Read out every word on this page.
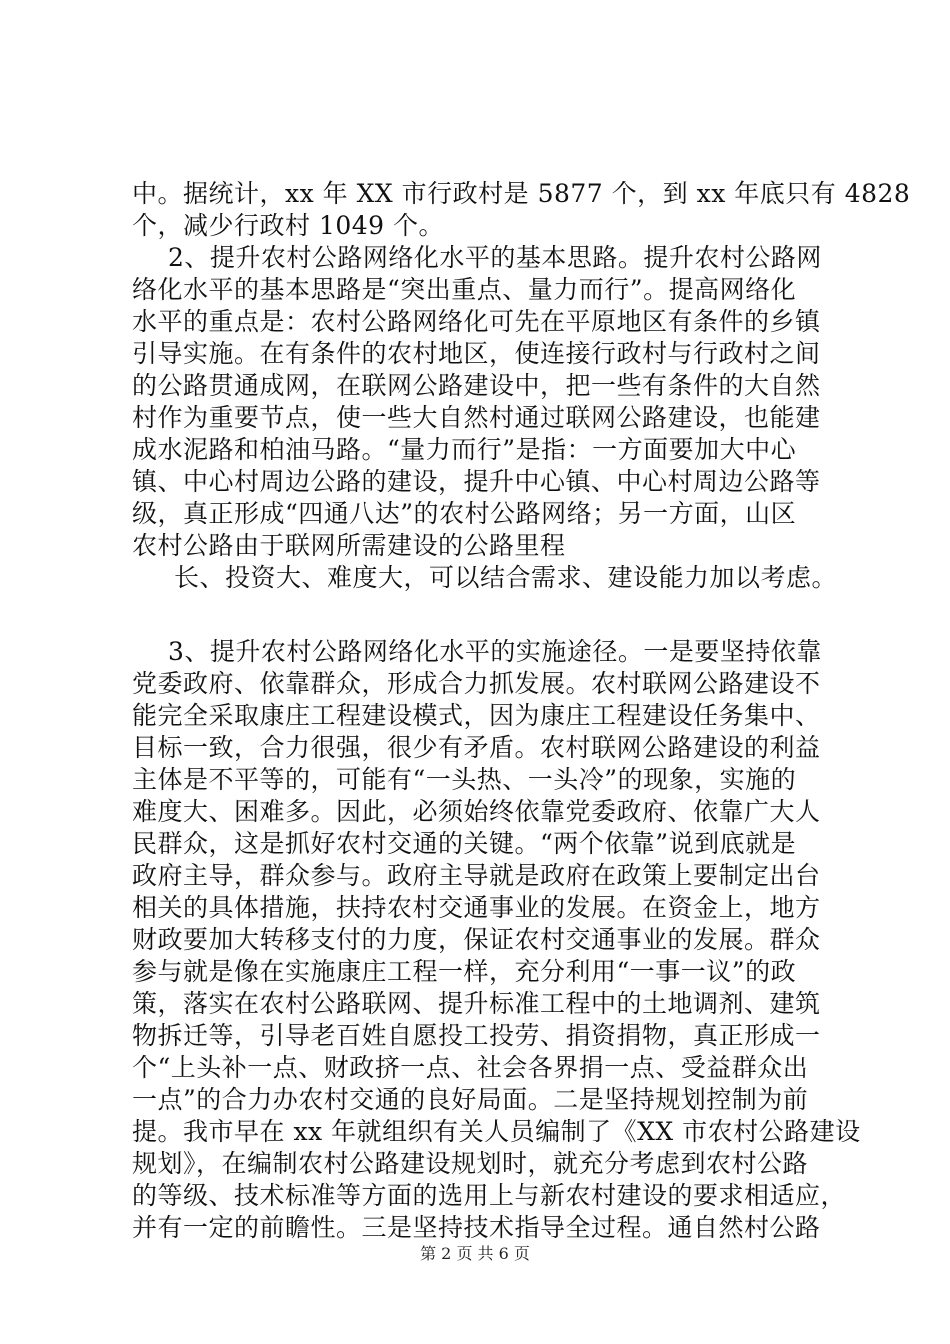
中。据统计，xx 年 XX 市行政村是 5877 个，到 xx 年底只有 4828
个，减少行政村 1049 个。
2、提升农村公路网络化水平的基本思路。提升农村公路网
络化水平的基本思路是“突出重点、量力而行”。提高网络化
水平的重点是：农村公路网络化可先在平原地区有条件的乡镇
引导实施。在有条件的农村地区，使连接行政村与行政村之间
的公路贯通成网，在联网公路建设中，把一些有条件的大自然
村作为重要节点，使一些大自然村通过联网公路建设，也能建
成水泥路和柏油马路。“量力而行”是指：一方面要加大中心
镇、中心村周边公路的建设，提升中心镇、中心村周边公路等
级，真正形成“四通八达”的农村公路网络；另一方面，山区
农村公路由于联网所需建设的公路里程
长、投资大、难度大，可以结合需求、建设能力加以考虑。
3、提升农村公路网络化水平的实施途径。一是要坚持依靠
党委政府、依靠群众，形成合力抓发展。农村联网公路建设不
能完全采取康庄工程建设模式，因为康庄工程建设任务集中、
目标一致，合力很强，很少有矛盾。农村联网公路建设的利益
主体是不平等的，可能有“一头热、一头冷”的现象，实施的
难度大、困难多。因此，必须始终依靠党委政府、依靠广大人
民群众，这是抓好农村交通的关键。“两个依靠”说到底就是
政府主导，群众参与。政府主导就是政府在政策上要制定出台
相关的具体措施，扶持农村交通事业的发展。在资金上，地方
财政要加大转移支付的力度，保证农村交通事业的发展。群众
参与就是像在实施康庄工程一样，充分利用“一事一议”的政
策，落实在农村公路联网、提升标准工程中的土地调剂、建筑
物拆迁等，引导老百姓自愿投工投劳、捐资捐物，真正形成一
个“上头补一点、财政挤一点、社会各界捐一点、受益群众出
一点”的合力办农村交通的良好局面。二是坚持规划控制为前
提。我市早在 xx 年就组织有关人员编制了《XX 市农村公路建设
规划》，在编制农村公路建设规划时，就充分考虑到农村公路
的等级、技术标准等方面的选用上与新农村建设的要求相适应，
并有一定的前瞻性。三是坚持技术指导全过程。通自然村公路
第 2 页 共 6 页
